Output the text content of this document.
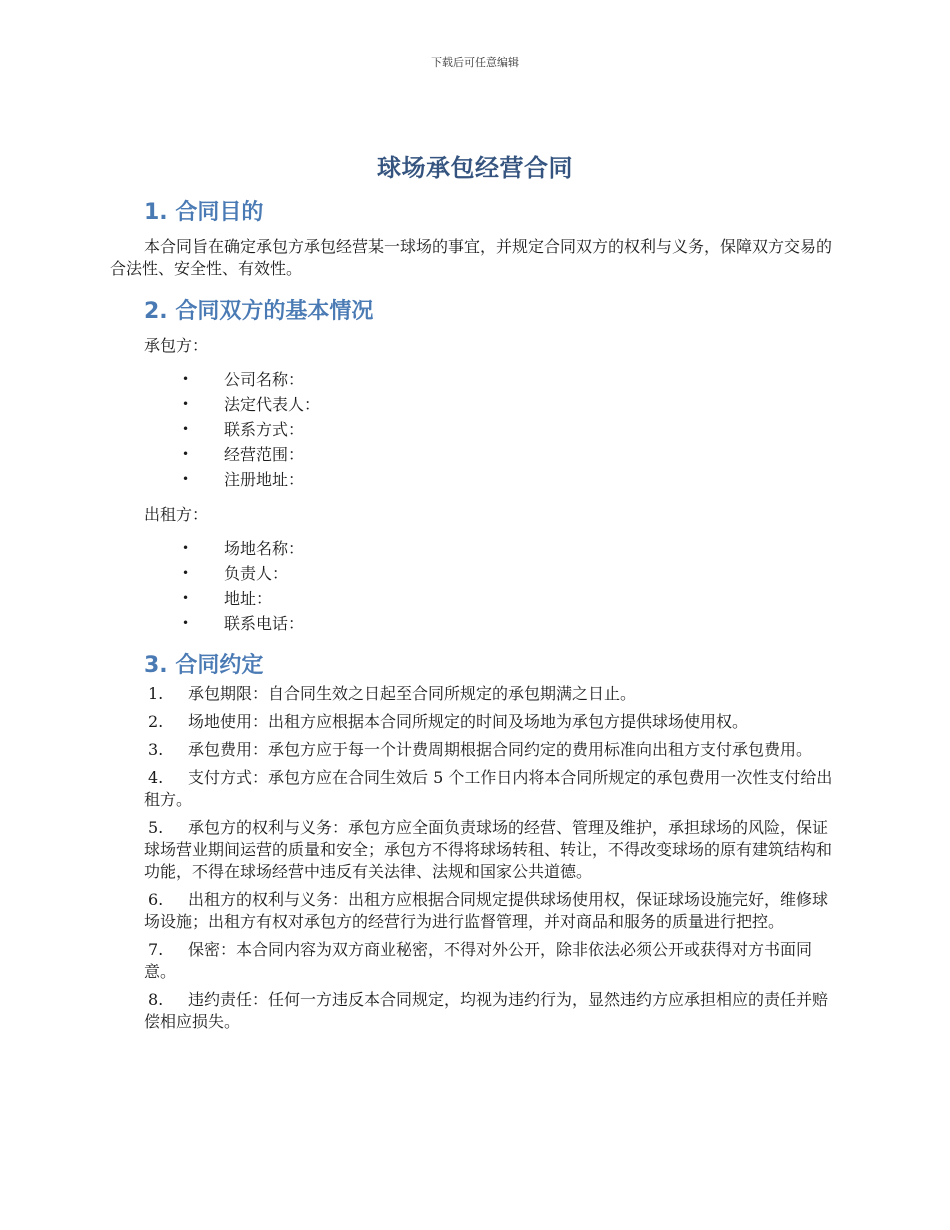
下载后可任意编辑
球场承包经营合同
1. 合同目的

本合同旨在确定承包方承包经营某一球场的事宜，并规定合同双方的权利与义务，保障双方交易的合法性、安全性、有效性。

2. 合同双方的基本情况
承包方：
• 公司名称：
• 法定代表人：
• 联系方式：
• 经营范围：
• 注册地址：
出租方：
• 场地名称：
• 负责人：
• 地址：
• 联系电话：
3. 合同约定
1. 承包期限：自合同生效之日起至合同所规定的承包期满之日止。
2. 场地使用：出租方应根据本合同所规定的时间及场地为承包方提供球场使用权。
3. 承包费用：承包方应于每一个计费周期根据合同约定的费用标准向出租方支付承包费用。
4. 支付方式：承包方应在合同生效后 5 个工作日内将本合同所规定的承包费用一次性支付给出租方。
5. 承包方的权利与义务：承包方应全面负责球场的经营、管理及维护，承担球场的风险，保证球场营业期间运营的质量和安全；承包方不得将球场转租、转让，不得改变球场的原有建筑结构和功能，不得在球场经营中违反有关法律、法规和国家公共道德。
6. 出租方的权利与义务：出租方应根据合同规定提供球场使用权，保证球场设施完好，维修球场设施；出租方有权对承包方的经营行为进行监督管理，并对商品和服务的质量进行把控。
7. 保密：本合同内容为双方商业秘密，不得对外公开，除非依法必须公开或获得对方书面同意。
8. 违约责任：任何一方违反本合同规定，均视为违约行为，显然违约方应承担相应的责任并赔偿相应损失。
